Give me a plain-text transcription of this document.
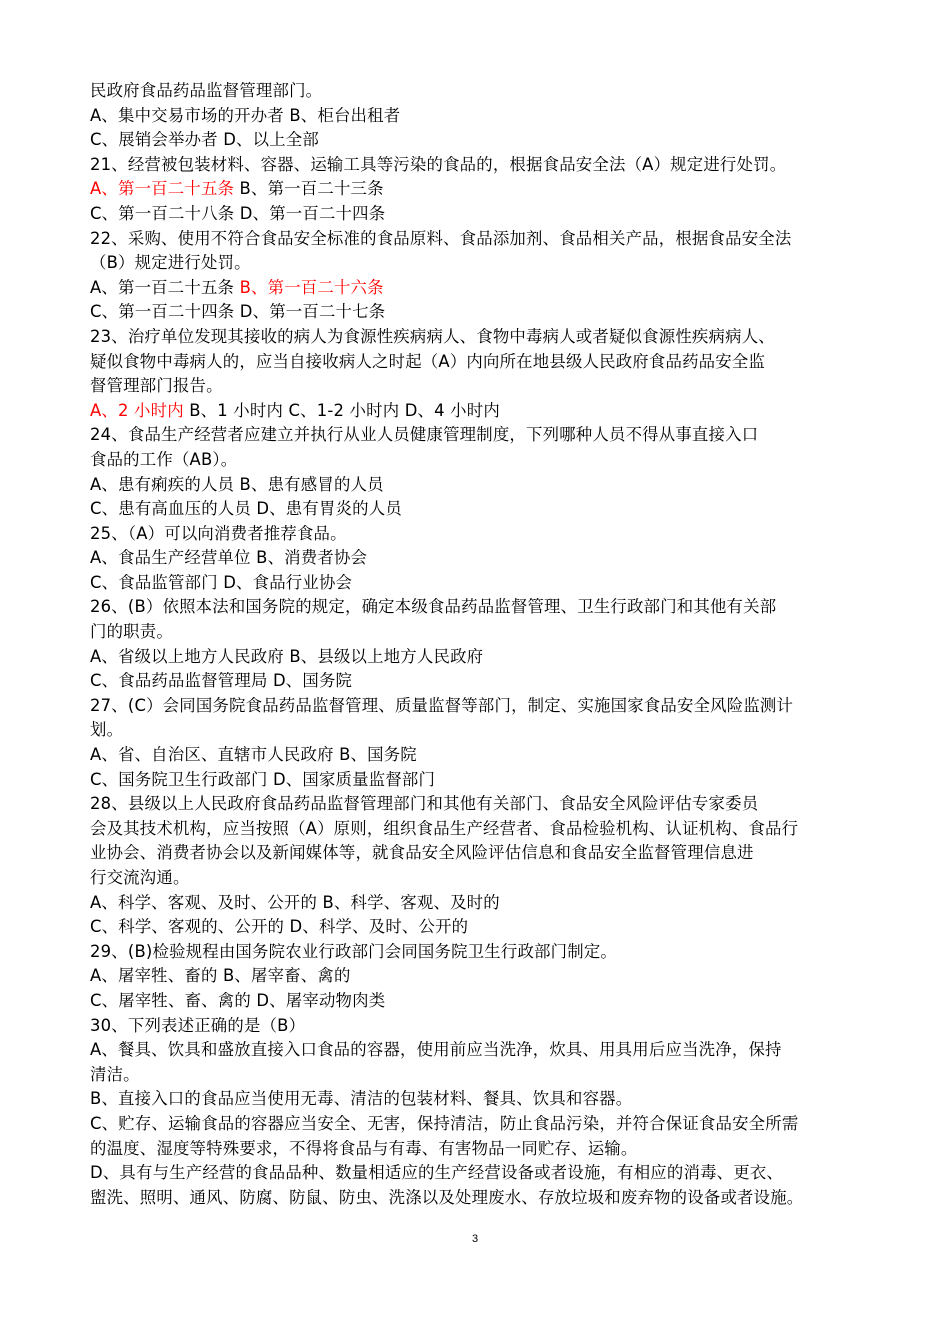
民政府食品药品监督管理部门。
A、集中交易市场的开办者 B、柜台出租者
C、展销会举办者 D、以上全部
21、经营被包装材料、容器、运输工具等污染的食品的，根据食品安全法（A）规定进行处罚。
A、第一百二十五条 B、第一百二十三条
C、第一百二十八条 D、第一百二十四条
22、采购、使用不符合食品安全标准的食品原料、食品添加剂、食品相关产品，根据食品安全法
（B）规定进行处罚。
A、第一百二十五条 B、第一百二十六条
C、第一百二十四条 D、第一百二十七条
23、治疗单位发现其接收的病人为食源性疾病病人、食物中毒病人或者疑似食源性疾病病人、
疑似食物中毒病人的，应当自接收病人之时起（A）内向所在地县级人民政府食品药品安全监
督管理部门报告。
A、2 小时内 B、1 小时内 C、1-2 小时内 D、4 小时内
24、食品生产经营者应建立并执行从业人员健康管理制度，下列哪种人员不得从事直接入口
食品的工作（AB）。
A、患有痢疾的人员 B、患有感冒的人员
C、患有高血压的人员 D、患有胃炎的人员
25、（A）可以向消费者推荐食品。
A、食品生产经营单位 B、消费者协会
C、食品监管部门 D、食品行业协会
26、(B）依照本法和国务院的规定，确定本级食品药品监督管理、卫生行政部门和其他有关部
门的职责。
A、省级以上地方人民政府 B、县级以上地方人民政府
C、食品药品监督管理局 D、国务院
27、(C）会同国务院食品药品监督管理、质量监督等部门，制定、实施国家食品安全风险监测计
划。
A、省、自治区、直辖市人民政府 B、国务院
C、国务院卫生行政部门 D、国家质量监督部门
28、县级以上人民政府食品药品监督管理部门和其他有关部门、食品安全风险评估专家委员
会及其技术机构，应当按照（A）原则，组织食品生产经营者、食品检验机构、认证机构、食品行
业协会、消费者协会以及新闻媒体等，就食品安全风险评估信息和食品安全监督管理信息进
行交流沟通。
A、科学、客观、及时、公开的 B、科学、客观、及时的
C、科学、客观的、公开的 D、科学、及时、公开的
29、(B)检验规程由国务院农业行政部门会同国务院卫生行政部门制定。
A、屠宰牲、畜的 B、屠宰畜、禽的
C、屠宰牲、畜、禽的 D、屠宰动物肉类
30、下列表述正确的是（B）
A、餐具、饮具和盛放直接入口食品的容器，使用前应当洗净，炊具、用具用后应当洗净，保持
清洁。
B、直接入口的食品应当使用无毒、清洁的包装材料、餐具、饮具和容器。
C、贮存、运输食品的容器应当安全、无害，保持清洁，防止食品污染，并符合保证食品安全所需
的温度、湿度等特殊要求，不得将食品与有毒、有害物品一同贮存、运输。
D、具有与生产经营的食品品种、数量相适应的生产经营设备或者设施，有相应的消毒、更衣、
盥洗、照明、通风、防腐、防鼠、防虫、洗涤以及处理废水、存放垃圾和废弃物的设备或者设施。
3
